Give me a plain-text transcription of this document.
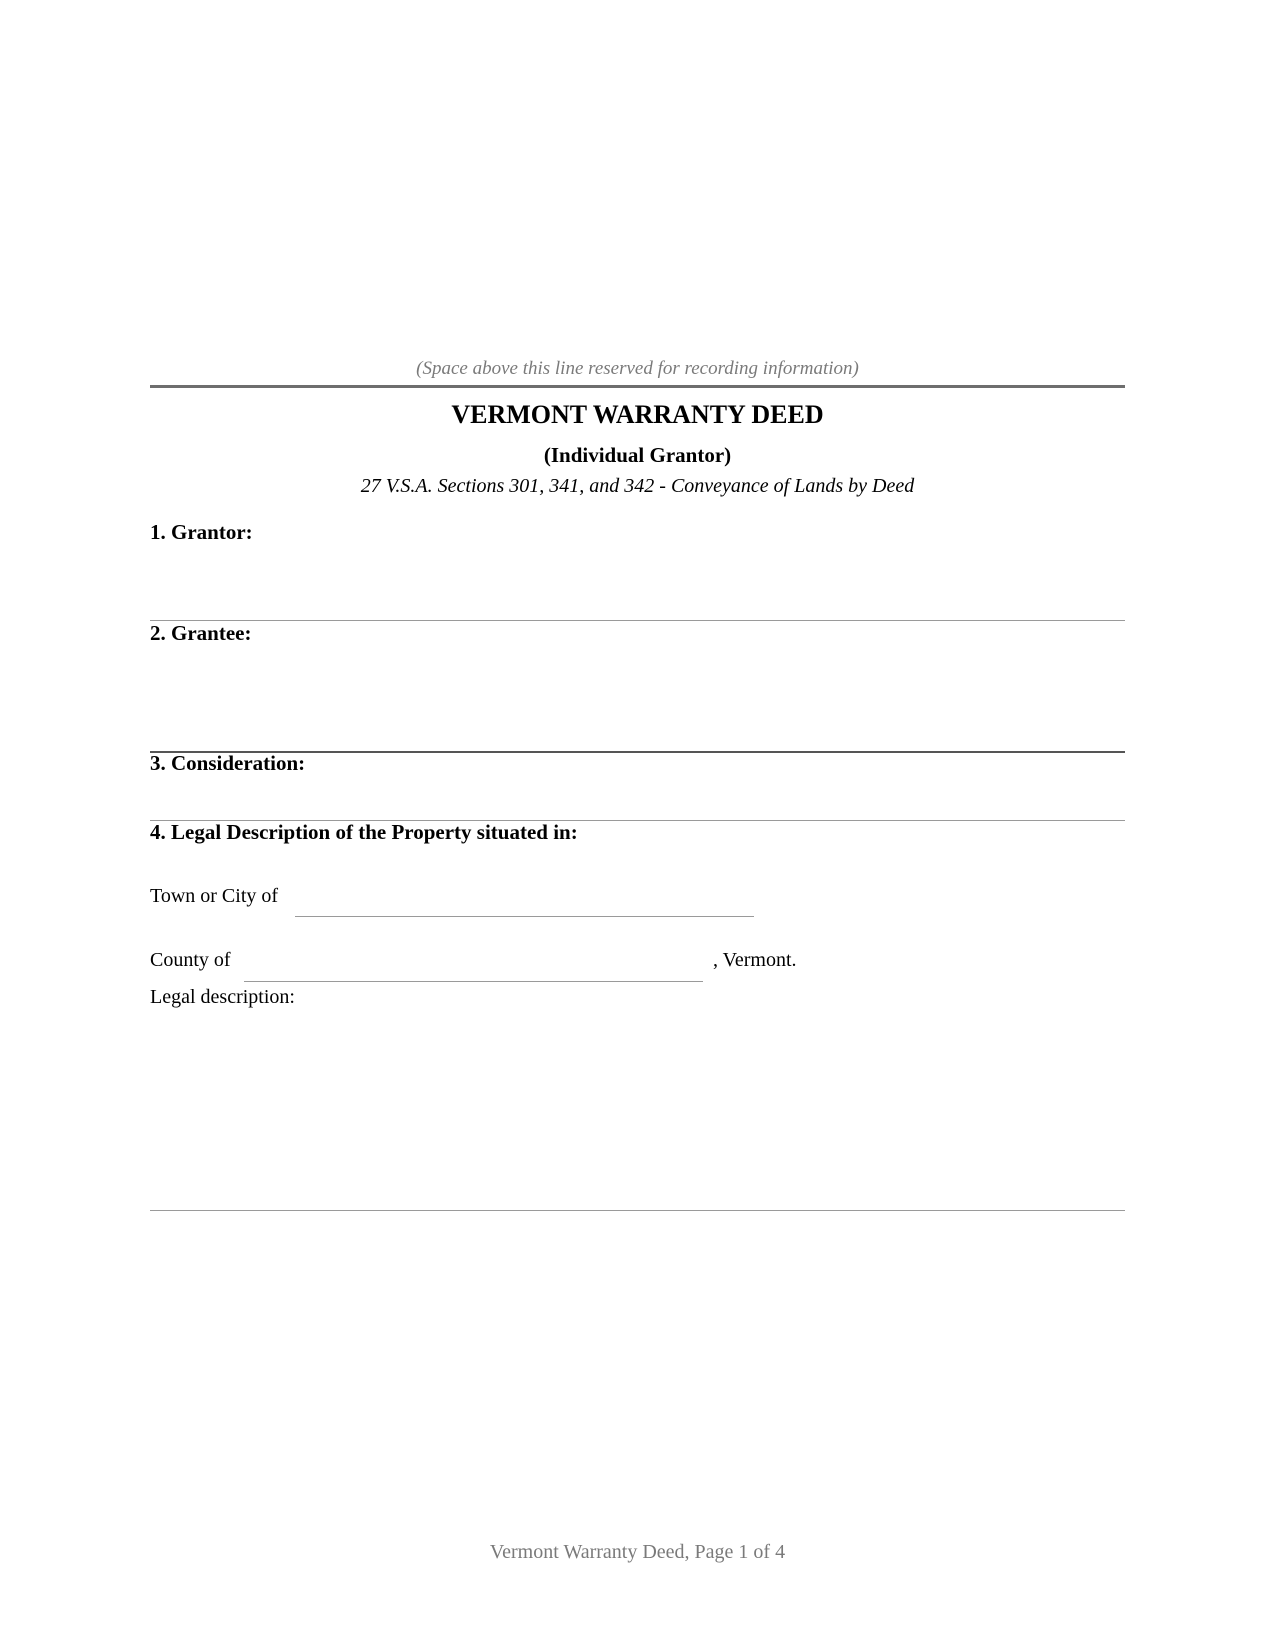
(Space above this line reserved for recording information)
VERMONT WARRANTY DEED
(Individual Grantor)
27 V.S.A. Sections 301, 341, and 342 - Conveyance of Lands by Deed
1. Grantor:
2. Grantee:
3. Consideration:
4. Legal Description of the Property situated in:
Town or City of
County of	, Vermont.
Legal description:
Vermont Warranty Deed, Page 1 of 4
